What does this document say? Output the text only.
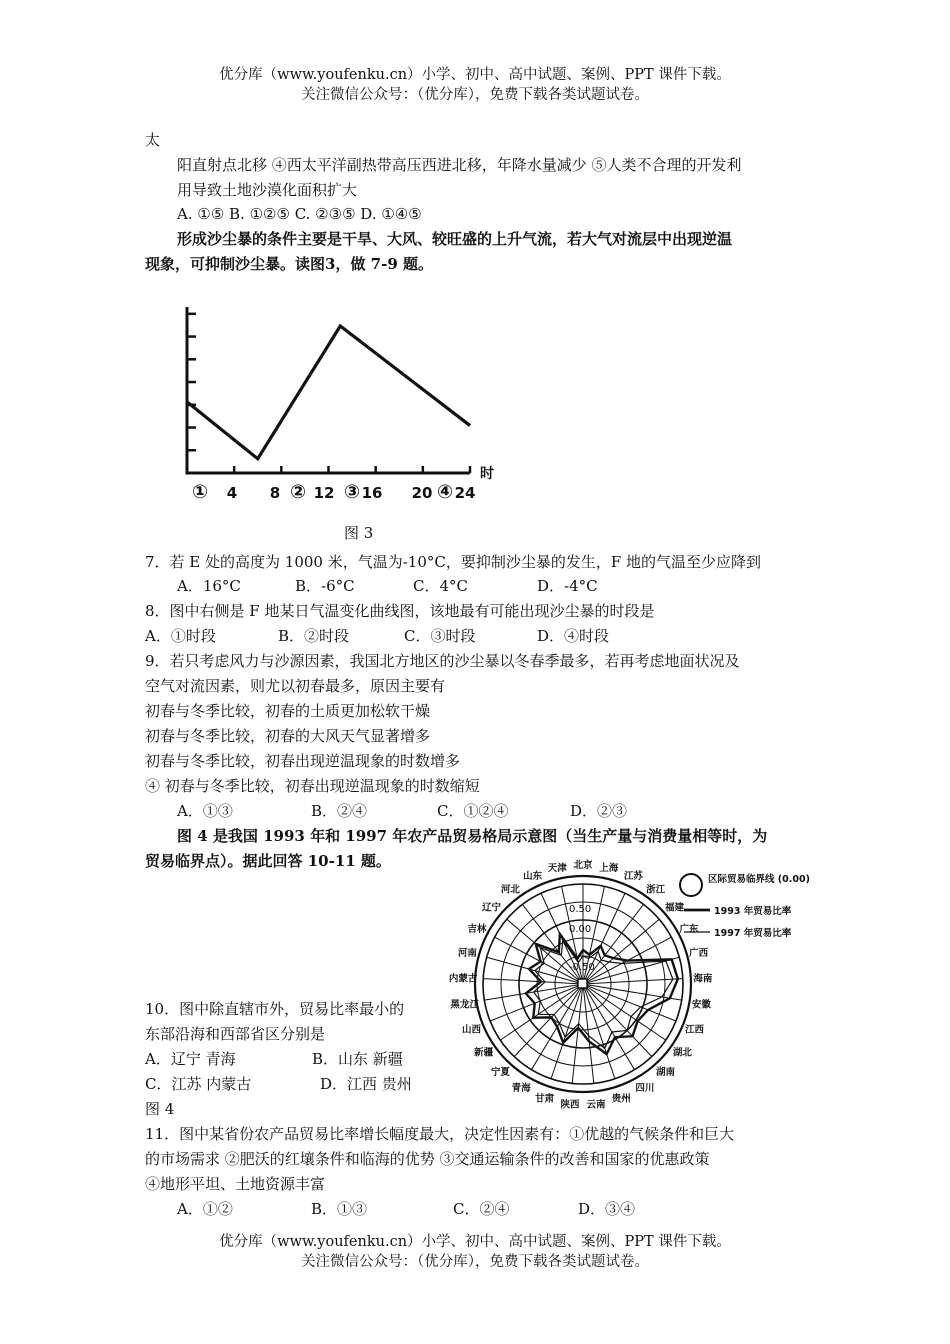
优分库（www.youfenku.cn）小学、初中、高中试题、案例、PPT 课件下载。
关注微信公众号：（优分库），免费下载各类试题试卷。
太
阳直射点北移 ④西太平洋副热带高压西进北移，年降水量减少 ⑤人类不合理的开发利
用导致土地沙漠化面积扩大
A. ①⑤ B. ①②⑤ C. ②③⑤ D. ①④⑤
形成沙尘暴的条件主要是干旱、大风、较旺盛的上升气流，若大气对流层中出现逆温
现象，可抑制沙尘暴。读图3，做 7-9 题。
① 4 8 ② 12 ③ 16 20 ④ 24
时
图 3
7．若 E 处的高度为 1000 米，气温为-10°C，要抑制沙尘暴的发生，F 地的气温至少应降到
A．16°C	B．-6°C	C．4°C	D．-4°C
8．图中右侧是 F 地某日气温变化曲线图，该地最有可能出现沙尘暴的时段是
A．①时段	B．②时段	C．③时段	D．④时段
9．若只考虑风力与沙源因素，我国北方地区的沙尘暴以冬春季最多，若再考虑地面状况及
空气对流因素，则尤以初春最多，原因主要有
初春与冬季比较，初春的土质更加松软干燥
初春与冬季比较，初春的大风天气显著增多
初春与冬季比较，初春出现逆温现象的时数增多
④ 初春与冬季比较，初春出现逆温现象的时数缩短
A．①③	B．②④	C．①②④	D．②③
图 4 是我国 1993 年和 1997 年农产品贸易格局示意图（当生产量与消费量相等时，为
贸易临界点）。据此回答 10-11 题。	北京 上海
江苏
浙江
福建
广东
广西
海南
安徽
江西
湖北
湖南
四川
贵州
云南
陕西
甘肃
青海
宁夏
新疆
山西
黑龙江
内蒙古
河南
吉林
辽宁
河北
山东
天津
0.50
0.00
-0.50
区际贸易临界线 (0.00)
1993 年贸易比率
1997 年贸易比率
10．图中除直辖市外，贸易比率最小的
东部沿海和西部省区分别是
A．辽宁 青海	B．山东 新疆
C．江苏 内蒙古	D．江西 贵州
图 4
11．图中某省份农产品贸易比率增长幅度最大，决定性因素有：①优越的气候条件和巨大
的市场需求 ②肥沃的红壤条件和临海的优势 ③交通运输条件的改善和国家的优惠政策
④地形平坦、土地资源丰富
A．①②	B．①③	C．②④	D．③④
优分库（www.youfenku.cn）小学、初中、高中试题、案例、PPT 课件下载。
关注微信公众号：（优分库），免费下载各类试题试卷。
